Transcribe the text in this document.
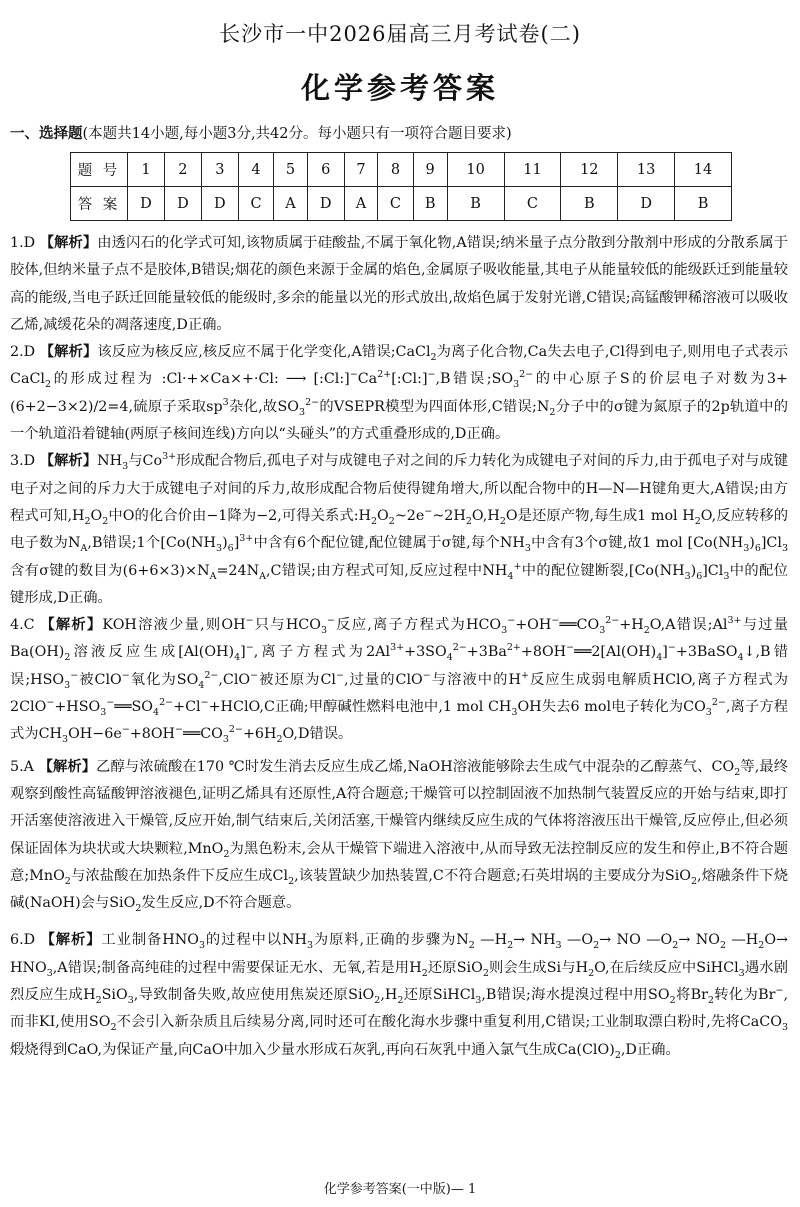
长沙市一中2026届高三月考试卷(二)
化学参考答案
一、选择题(本题共14小题,每小题3分,共42分。每小题只有一项符合题目要求)
题 号	1	2	3	4	5	6	7	8	9	10	11	12	13	14
答 案	D	D	D	C	A	D	A	C	B	B	C	B	D	B

1.D 【解析】由透闪石的化学式可知,该物质属于硅酸盐,不属于氧化物,A错误;纳米量子点分散到分散剂中形成的分散系属于胶体,但纳米量子点不是胶体,B错误;烟花的颜色来源于金属的焰色,金属原子吸收能量,其电子从能量较低的能级跃迁到能量较高的能级,当电子跃迁回能量较低的能级时,多余的能量以光的形式放出,故焰色属于发射光谱,C错误;高锰酸钾稀溶液可以吸收乙烯,减缓花朵的凋落速度,D正确。

2.D 【解析】该反应为核反应,核反应不属于化学变化,A错误;CaCl$_2$为离子化合物,Ca失去电子,Cl得到电子,则用电子式表示CaCl$_2$的形成过程为 :Cl·+×Ca×+·Cl: ⟶ $[:Cl:]^-Ca^{2+}[:Cl:]^-,B$错误$;SO_3^{2-}$的中心原子S的价层电子对数为3+(6+2−3×2)/2=4,硫原子采取$sp^3$杂化,故$SO_3^{2-}$的VSEPR模型为四面体形,C错误$;N_2$分子中的σ键为氮原子的2p轨道中的一个轨道沿着键轴(两原子核间连线)方向以“头碰头”的方式重叠形成的,D正确。

3.D 【解析】$NH_3$与$Co^{3+}$形成配合物后,孤电子对与成键电子对之间的斥力转化为成键电子对间的斥力,由于孤电子对与成键电子对之间的斥力大于成键电子对间的斥力,故形成配合物后使得键角增大,所以配合物中的H—N—H键角更大,A错误;由方程式可知$,H_2O_2$中O的化合价由−1降为−2,可得关系式$:H_2O_2\sim 2e^-\sim 2H_2O,H_2O$是还原产物,每生成1 mol $H_2O$,反应转移的电子数为$N_A,B$错误;1个$[Co(NH_3)_6]^{3+}$中含有6个配位键,配位键属于σ键,每个$NH_3$中含有3个σ键,故1 mol $[Co(NH_3)_6]Cl_3$含有σ键的数目为$(6+6\times 3)\times N_A=24N_A,C$错误;由方程式可知,反应过程中$NH_4^+$中的配位键断裂$,[Co(NH_3)_6]Cl_3$中的配位键形成,D正确。

4.C 【解析】KOH溶液少量,则OH−只与$HCO_3^-$反应,离子方程式为$HCO_3^-+OH^-══CO_3^{2-}+H_2O,A$错误$;Al^{3+}$与过量$Ba(OH)_2$溶液反应生成$[Al(OH)_4]^-$,离子方程式为$2Al^{3+}+3SO_4^{2-}+3Ba^{2+}+8OH^-══2[Al(OH)_4]^-+3BaSO_4↓,B$错误$;HSO_3^-$被ClO−氧化为$SO_4^{2-},ClO^-$被还原为Cl−,过量的ClO−与溶液中的H+反应生成弱电解质HClO,离子方程式为$2ClO^-+HSO_3^-══SO_4^{2-}+Cl^-+HClO,C$正确;甲醇碱性燃料电池中,1 mol $CH_3OH$失去6 mol电子转化为$CO_3^{2-}$,离子方程式为$CH_3OH-6e^-+8OH^-══CO_3^{2-}+6H_2O,D$错误。

5.A 【解析】乙醇与浓硫酸在170 ℃时发生消去反应生成乙烯,NaOH溶液能够除去生成气中混杂的乙醇蒸气、$CO_2$等,最终观察到酸性高锰酸钾溶液褪色,证明乙烯具有还原性,A符合题意;干燥管可以控制固液不加热制气装置反应的开始与结束,即打开活塞使溶液进入干燥管,反应开始,制气结束后,关闭活塞,干燥管内继续反应生成的气体将溶液压出干燥管,反应停止,但必须保证固体为块状或大块颗粒,MnO$_2$为黑色粉末,会从干燥管下端进入溶液中,从而导致无法控制反应的发生和停止,B不符合题意;MnO$_2$与浓盐酸在加热条件下反应生成$Cl_2$,该装置缺少加热装置,C不符合题意;石英坩埚的主要成分为SiO$_2$,熔融条件下烧碱(NaOH)会与SiO$_2$发生反应,D不符合题意。

6.D 【解析】工业制备$HNO_3$的过程中以$NH_3$为原料,正确的步骤为$N_2$ $—H_2\to NH_3$ $—O_2\to$ NO $—O_2\to NO_2$ $—H_2O\to HNO_3,A$错误;制备高纯硅的过程中需要保证无水、无氧,若是用$H_2$还原SiO$_2$则会生成Si与$H_2O$,在后续反应中SiHCl$_3$遇水剧烈反应生成$H_2SiO_3$,导致制备失败,故应使用焦炭还原$SiO_2,H_2$还原SiHCl$_3$,B错误;海水提溴过程中用$SO_2$将$Br_2$转化为Br−,而非KI,使用$SO_2$不会引入新杂质且后续易分离,同时还可在酸化海水步骤中重复利用,C错误;工业制取漂白粉时,先将CaCO$_3$煅烧得到CaO,为保证产量,向CaO中加入少量水形成石灰乳,再向石灰乳中通入氯气生成$Ca(ClO)_2,D$正确。

化学参考答案(一中版)— 1
